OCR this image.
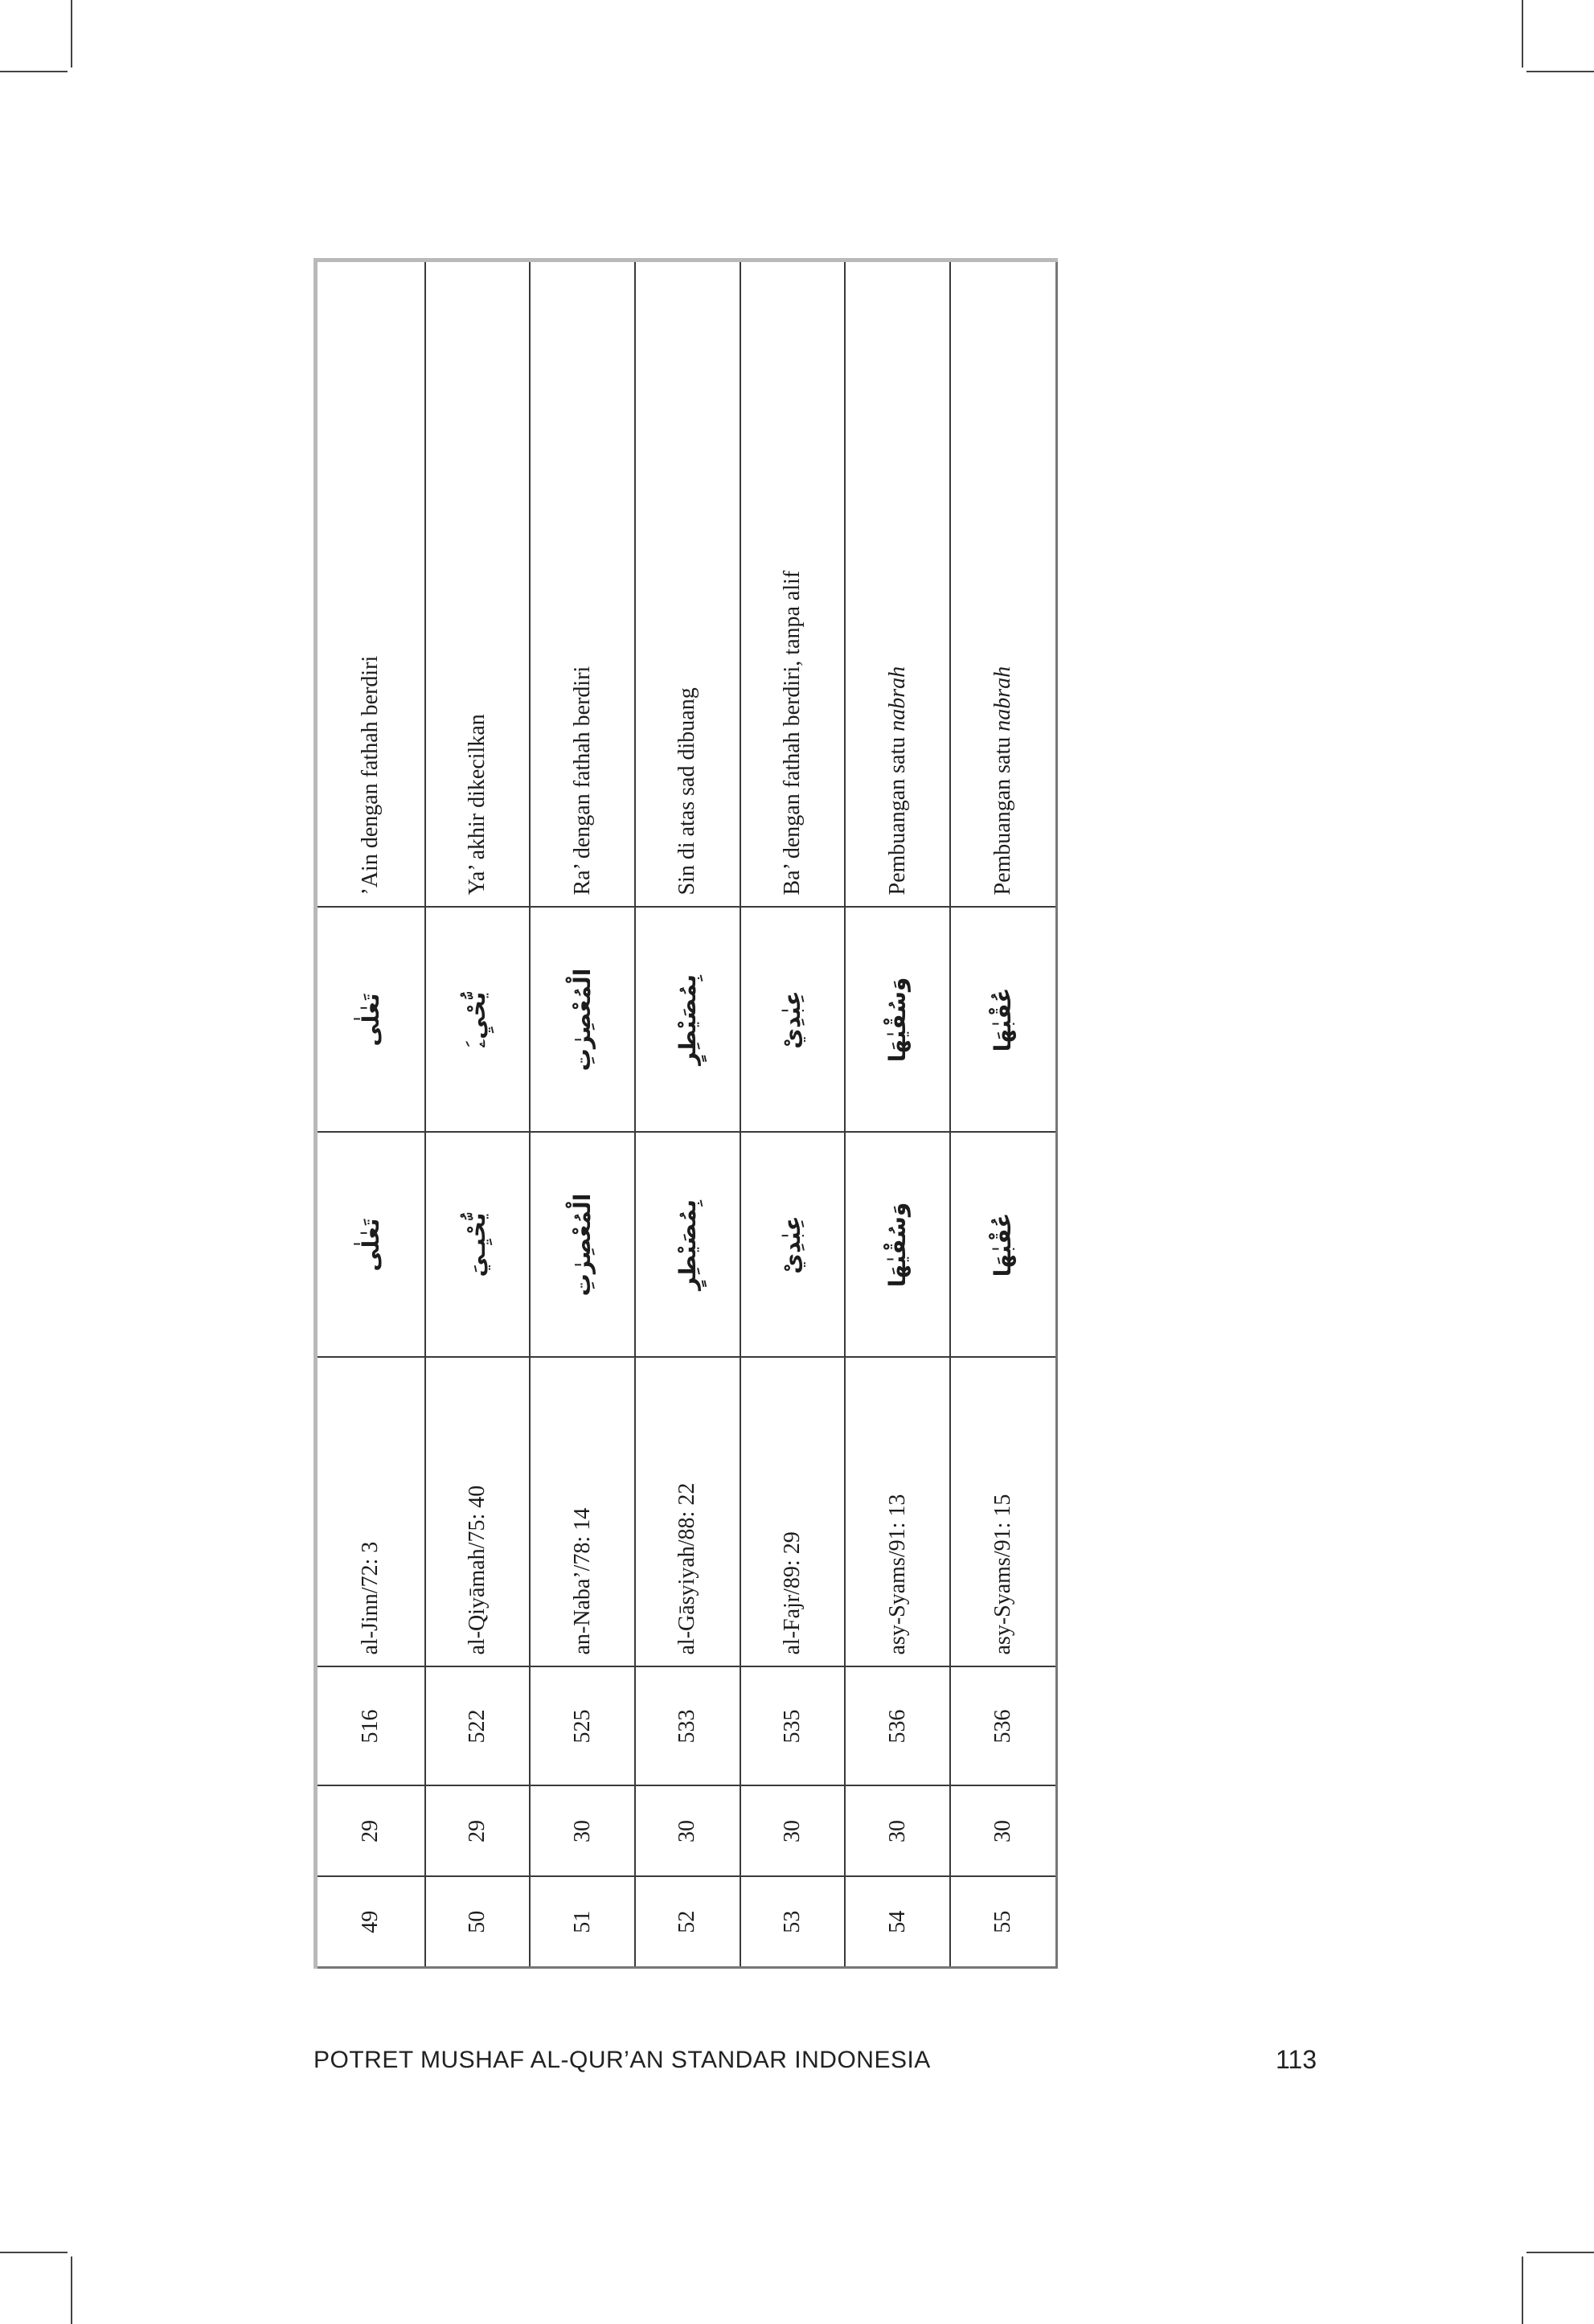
49	29	516	al-Jinn/72: 3	تَعٰلٰى	تَعٰلٰى	’Ain dengan fathah berdiri
50	29	522	al-Qiyāmah/75: 40	يُّحْيِـيَ	يُّحْيِۦَ	Ya’ akhir dikecilkan
51	30	525	an-Naba’/78: 14	الْمُعْصِرٰتِ	الْمُعْصِرٰتِ	Ra’ dengan fathah berdiri
52	30	533	al-Gāsyiyah/88: 22	بِمُصَيْطِرٍ	بِمُصَيْطِرٍ	Sin di atas sad dibuang
53	30	535	al-Fajr/89: 29	عِبٰدِيْ	عِبٰدِيْ	Ba’ dengan fathah berdiri, tanpa alif
54	30	536	asy-Syams/91: 13	وَسُقْيٰهَا	وَسُقْيٰهَا	Pembuangan satu nabrah
55	30	536	asy-Syams/91: 15	عُقْبٰهَا	عُقْبٰهَا	Pembuangan satu nabrah
POTRET MUSHAF AL-QUR’AN STANDAR INDONESIA	113
